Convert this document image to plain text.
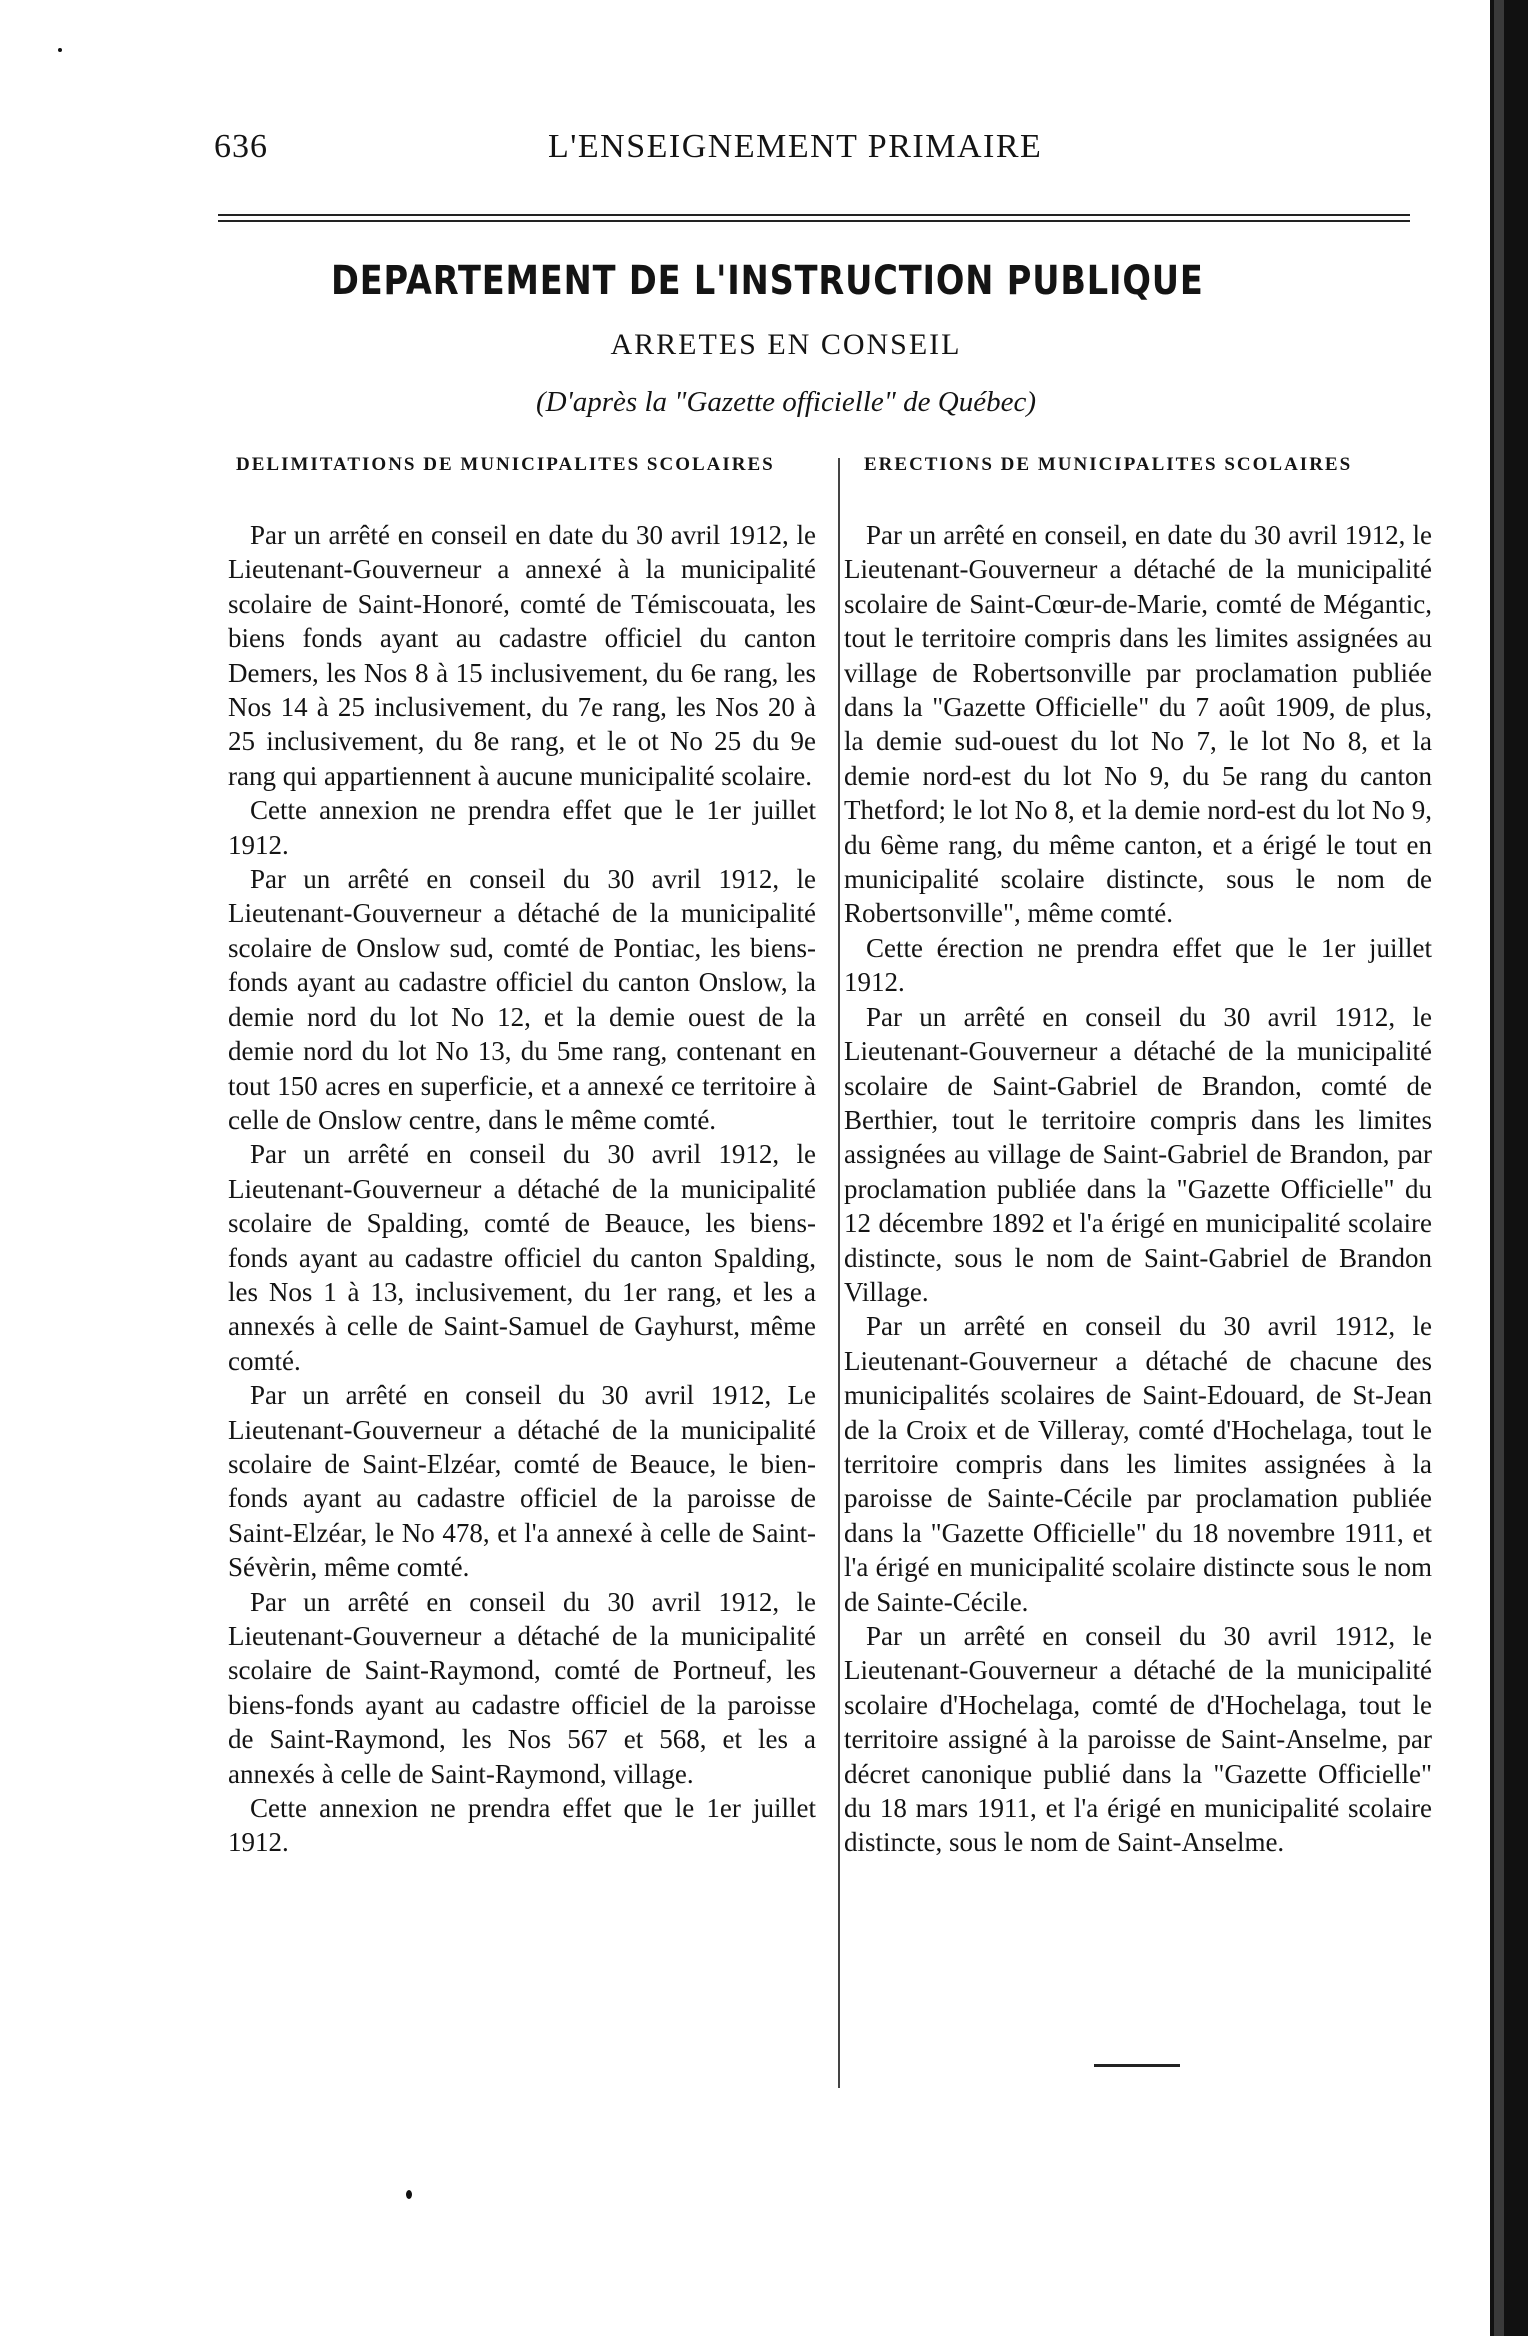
636	L'ENSEIGNEMENT PRIMAIRE
DEPARTEMENT DE L'INSTRUCTION PUBLIQUE
ARRETES EN CONSEIL
(D'après la "Gazette officielle" de Québec)
DELIMITATIONS DE MUNICIPALITES SCOLAIRES	ERECTIONS DE MUNICIPALITES SCOLAIRES

Par un arrêté en conseil en date du 30 avril 1912, le Lieutenant-Gouverneur a annexé à la municipalité scolaire de Saint-Honoré, comté de Témiscouata, les biens fonds ayant au cadastre officiel du canton Demers, les Nos 8 à 15 inclusivement, du 6e rang, les Nos 14 à 25 inclusivement, du 7e rang, les Nos 20 à 25 inclusivement, du 8e rang, et le ot No 25 du 9e rang qui appartiennent à aucune municipalité scolaire.

Cette annexion ne prendra effet que le 1er juillet 1912.

Par un arrêté en conseil du 30 avril 1912, le Lieutenant-Gouverneur a détaché de la municipalité scolaire de Onslow sud, comté de Pontiac, les biens-fonds ayant au cadastre officiel du canton Onslow, la demie nord du lot No 12, et la demie ouest de la demie nord du lot No 13, du 5me rang, contenant en tout 150 acres en superficie, et a annexé ce territoire à celle de Onslow centre, dans le même comté.

Par un arrêté en conseil du 30 avril 1912, le Lieutenant-Gouverneur a détaché de la municipalité scolaire de Spalding, comté de Beauce, les biens-fonds ayant au cadastre officiel du canton Spalding, les Nos 1 à 13, inclusivement, du 1er rang, et les a annexés à celle de Saint-Samuel de Gayhurst, même comté.

Par un arrêté en conseil du 30 avril 1912, Le Lieutenant-Gouverneur a détaché de la municipalité scolaire de Saint-Elzéar, comté de Beauce, le bien-fonds ayant au cadastre officiel de la paroisse de Saint-Elzéar, le No 478, et l'a annexé à celle de Saint-Sévèrin, même comté.

Par un arrêté en conseil du 30 avril 1912, le Lieutenant-Gouverneur a détaché de la municipalité scolaire de Saint-Raymond, comté de Portneuf, les biens-fonds ayant au cadastre officiel de la paroisse de Saint-Raymond, les Nos 567 et 568, et les a annexés à celle de Saint-Raymond, village.

Cette annexion ne prendra effet que le 1er juillet 1912.

Par un arrêté en conseil, en date du 30 avril 1912, le Lieutenant-Gouverneur a détaché de la municipalité scolaire de Saint-Cœur-de-Marie, comté de Mégantic, tout le territoire compris dans les limites assignées au village de Robertsonville par proclamation publiée dans la "Gazette Officielle" du 7 août 1909, de plus, la demie sud-ouest du lot No 7, le lot No 8, et la demie nord-est du lot No 9, du 5e rang du canton Thetford; le lot No 8, et la demie nord-est du lot No 9, du 6ème rang, du même canton, et a érigé le tout en municipalité scolaire distincte, sous le nom de Robertsonville", même comté.

Cette érection ne prendra effet que le 1er juillet 1912.

Par un arrêté en conseil du 30 avril 1912, le Lieutenant-Gouverneur a détaché de la municipalité scolaire de Saint-Gabriel de Brandon, comté de Berthier, tout le territoire compris dans les limites assignées au village de Saint-Gabriel de Brandon, par proclamation publiée dans la "Gazette Officielle" du 12 décembre 1892 et l'a érigé en municipalité scolaire distincte, sous le nom de Saint-Gabriel de Brandon Village.

Par un arrêté en conseil du 30 avril 1912, le Lieutenant-Gouverneur a détaché de chacune des municipalités scolaires de Saint-Edouard, de St-Jean de la Croix et de Villeray, comté d'Hochelaga, tout le territoire compris dans les limites assignées à la paroisse de Sainte-Cécile par proclamation publiée dans la "Gazette Officielle" du 18 novembre 1911, et l'a érigé en municipalité scolaire distincte sous le nom de Sainte-Cécile.

Par un arrêté en conseil du 30 avril 1912, le Lieutenant-Gouverneur a détaché de la municipalité scolaire d'Hochelaga, comté de d'Hochelaga, tout le territoire assigné à la paroisse de Saint-Anselme, par décret canonique publié dans la "Gazette Officielle" du 18 mars 1911, et l'a érigé en municipalité scolaire distincte, sous le nom de Saint-Anselme.
